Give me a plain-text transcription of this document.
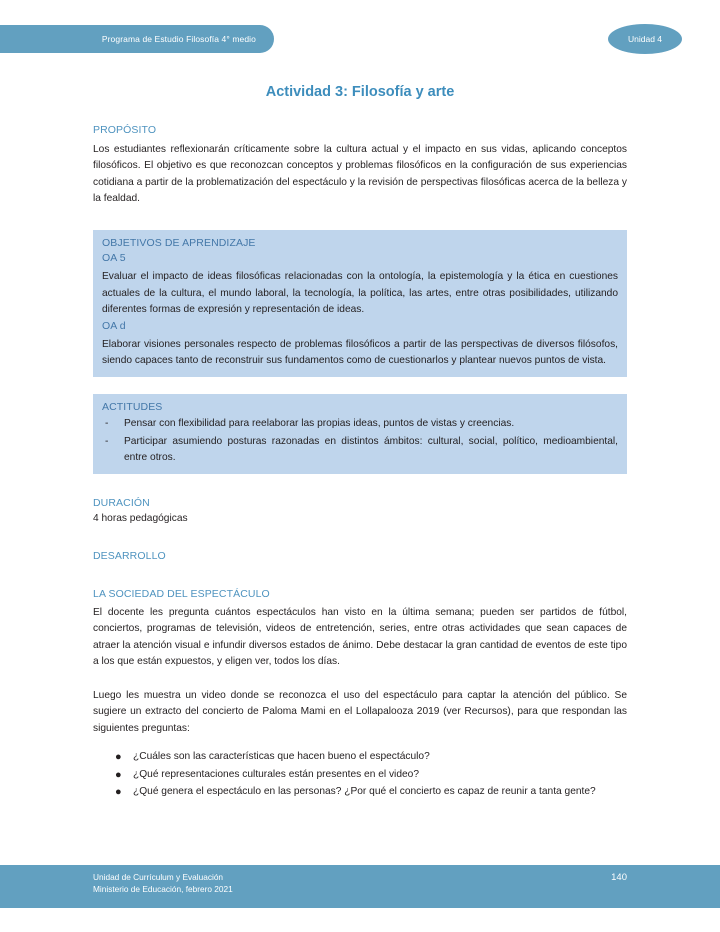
Programa de Estudio Filosofía 4° medio	Unidad 4
Actividad 3: Filosofía y arte
PROPÓSITO

Los estudiantes reflexionarán críticamente sobre la cultura actual y el impacto en sus vidas, aplicando conceptos filosóficos. El objetivo es que reconozcan conceptos y problemas filosóficos en la configuración de sus experiencias cotidiana a partir de la problematización del espectáculo y la revisión de perspectivas filosóficas acerca de la belleza y la fealdad.

OBJETIVOS DE APRENDIZAJE
OA 5

Evaluar el impacto de ideas filosóficas relacionadas con la ontología, la epistemología y la ética en cuestiones actuales de la cultura, el mundo laboral, la tecnología, la política, las artes, entre otras posibilidades, utilizando diferentes formas de expresión y representación de ideas.

OA d

Elaborar visiones personales respecto de problemas filosóficos a partir de las perspectivas de diversos filósofos, siendo capaces tanto de reconstruir sus fundamentos como de cuestionarlos y plantear nuevos puntos de vista.

ACTITUDES
-	Pensar con flexibilidad para reelaborar las propias ideas, puntos de vistas y creencias.
-	Participar asumiendo posturas razonadas en distintos ámbitos: cultural, social, político, medioambiental, entre otros.
DURACIÓN

4 horas pedagógicas

DESARROLLO
LA SOCIEDAD DEL ESPECTÁCULO

El docente les pregunta cuántos espectáculos han visto en la última semana; pueden ser partidos de fútbol, conciertos, programas de televisión, videos de entretención, series, entre otras actividades que sean capaces de atraer la atención visual e infundir diversos estados de ánimo. Debe destacar la gran cantidad de eventos de este tipo a los que están expuestos, y eligen ver, todos los días.

Luego les muestra un video donde se reconozca el uso del espectáculo para captar la atención del público. Se sugiere un extracto del concierto de Paloma Mami en el Lollapalooza 2019 (ver Recursos), para que respondan las siguientes preguntas:

●	¿Cuáles son las características que hacen bueno el espectáculo?
●	¿Qué representaciones culturales están presentes en el video?
●	¿Qué genera el espectáculo en las personas? ¿Por qué el concierto es capaz de reunir a tanta gente?
Unidad de Currículum y Evaluación
Ministerio de Educación, febrero 2021
140
